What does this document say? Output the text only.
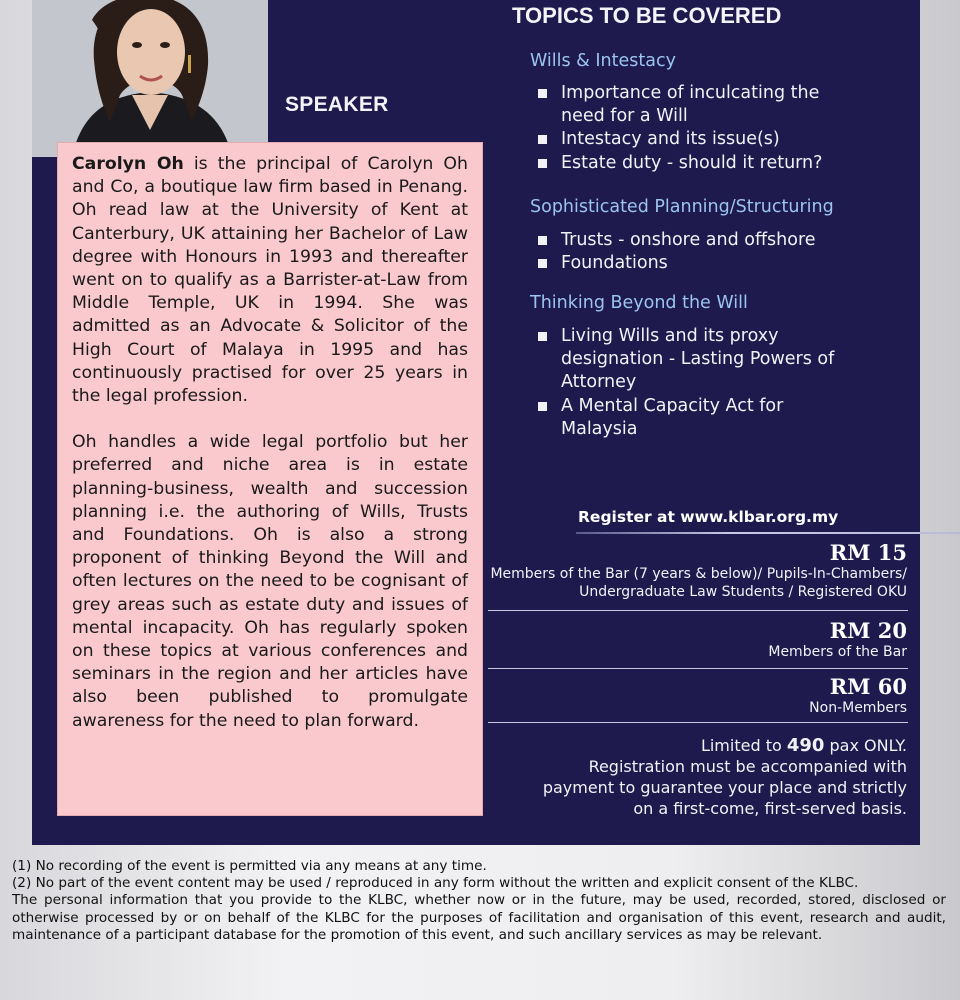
SPEAKER

Carolyn Oh is the principal of Carolyn Oh and Co, a boutique law firm based in Penang. Oh read law at the University of Kent at Canterbury, UK attaining her Bachelor of Law degree with Honours in 1993 and thereafter went on to qualify as a Barrister-at-Law from Middle Temple, UK in 1994. She was admitted as an Advocate & Solicitor of the High Court of Malaya in 1995 and has continuously practised for over 25 years in the legal profession.

Oh handles a wide legal portfolio but her preferred and niche area is in estate planning-business, wealth and succession planning i.e. the authoring of Wills, Trusts and Foundations. Oh is also a strong proponent of thinking Beyond the Will and often lectures on the need to be cognisant of grey areas such as estate duty and issues of mental incapacity. Oh has regularly spoken on these topics at various conferences and seminars in the region and her articles have also been published to promulgate awareness for the need to plan forward.

TOPICS TO BE COVERED
Wills & Intestacy
Importance of inculcating the need for a Will
Intestacy and its issue(s)
Estate duty - should it return?
Sophisticated Planning/Structuring
Trusts - onshore and offshore
Foundations
Thinking Beyond the Will
Living Wills and its proxy designation - Lasting Powers of Attorney
A Mental Capacity Act for Malaysia
Register at www.klbar.org.my
RM 15
Members of the Bar (7 years & below)/ Pupils-In-Chambers/
Undergraduate Law Students / Registered OKU
RM 20
Members of the Bar
RM 60
Non-Members
Limited to 490 pax ONLY.
Registration must be accompanied with
payment to guarantee your place and strictly
on a first-come, first-served basis.

(1) No recording of the event is permitted via any means at any time.

(2) No part of the event content may be used / reproduced in any form without the written and explicit consent of the KLBC.

The personal information that you provide to the KLBC, whether now or in the future, may be used, recorded, stored, disclosed or otherwise processed by or on behalf of the KLBC for the purposes of facilitation and organisation of this event, research and audit, maintenance of a participant database for the promotion of this event, and such ancillary services as may be relevant.
